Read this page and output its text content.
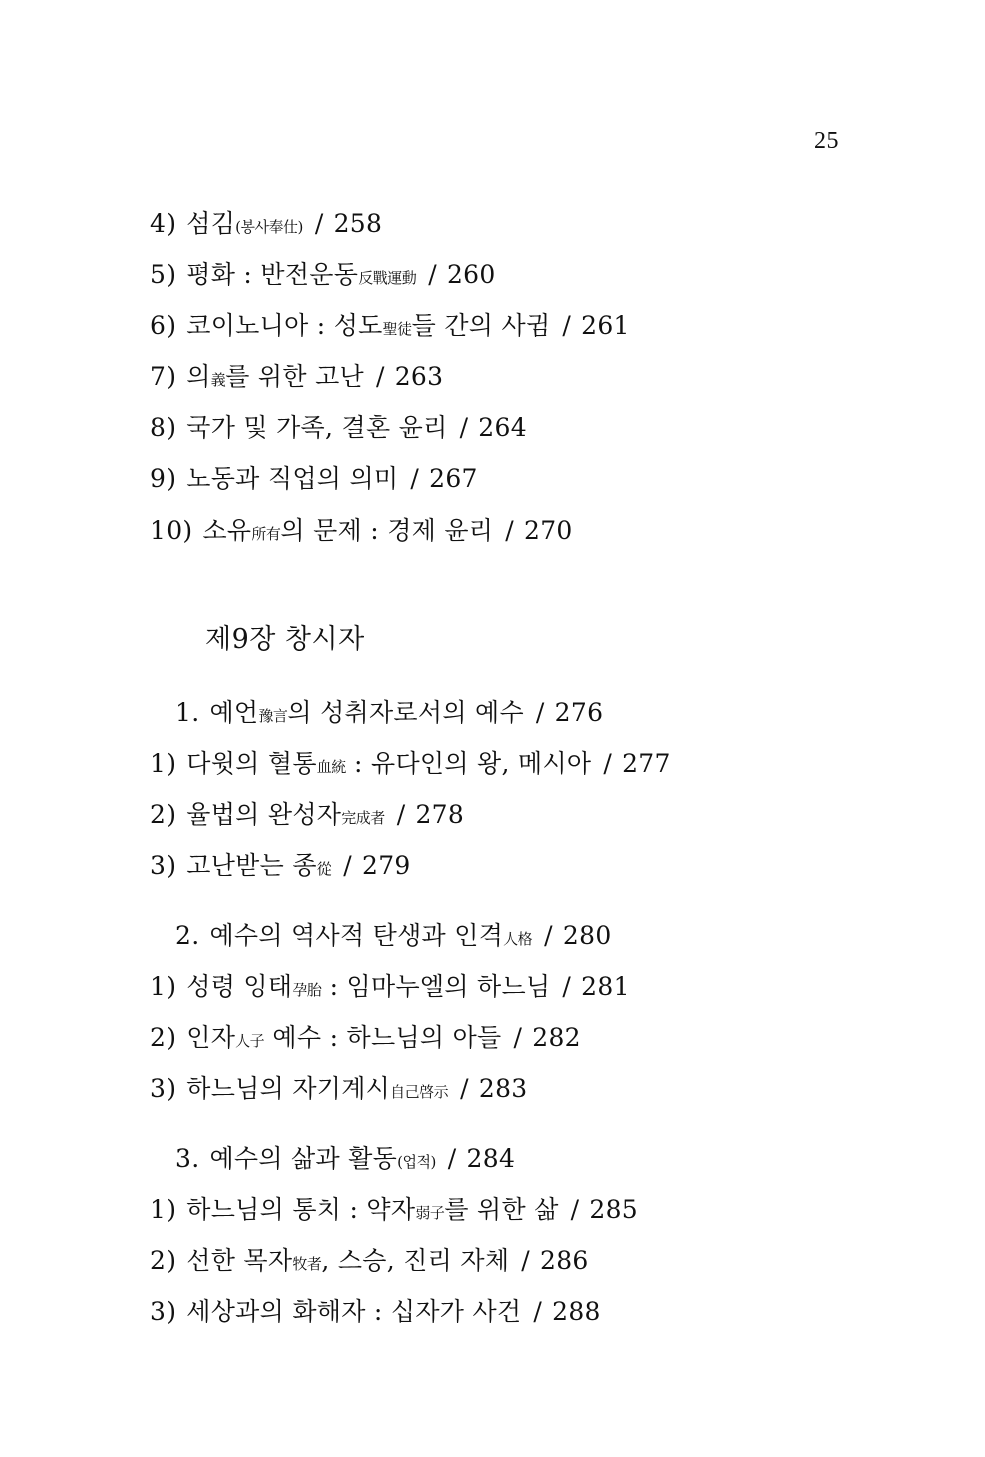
25
제9장 창시자
4) 섬김(봉사奉仕) / 258
5) 평화 : 반전운동反戰運動 / 260
6) 코이노니아 : 성도聖徒들 간의 사귐 / 261
7) 의義를 위한 고난 / 263
8) 국가 및 가족, 결혼 윤리 / 264
9) 노동과 직업의 의미 / 267
10) 소유所有의 문제 : 경제 윤리 / 270
1. 예언豫言의 성취자로서의 예수 / 276
1) 다윗의 혈통血統 : 유다인의 왕, 메시아 / 277
2) 율법의 완성자完成者 / 278
3) 고난받는 종從 / 279
2. 예수의 역사적 탄생과 인격人格 / 280
1) 성령 잉태孕胎 : 임마누엘의 하느님 / 281
2) 인자人子 예수 : 하느님의 아들 / 282
3) 하느님의 자기계시自己啓示 / 283
3. 예수의 삶과 활동(업적) / 284
1) 하느님의 통치 : 약자弱子를 위한 삶 / 285
2) 선한 목자牧者, 스승, 진리 자체 / 286
3) 세상과의 화해자 : 십자가 사건 / 288
